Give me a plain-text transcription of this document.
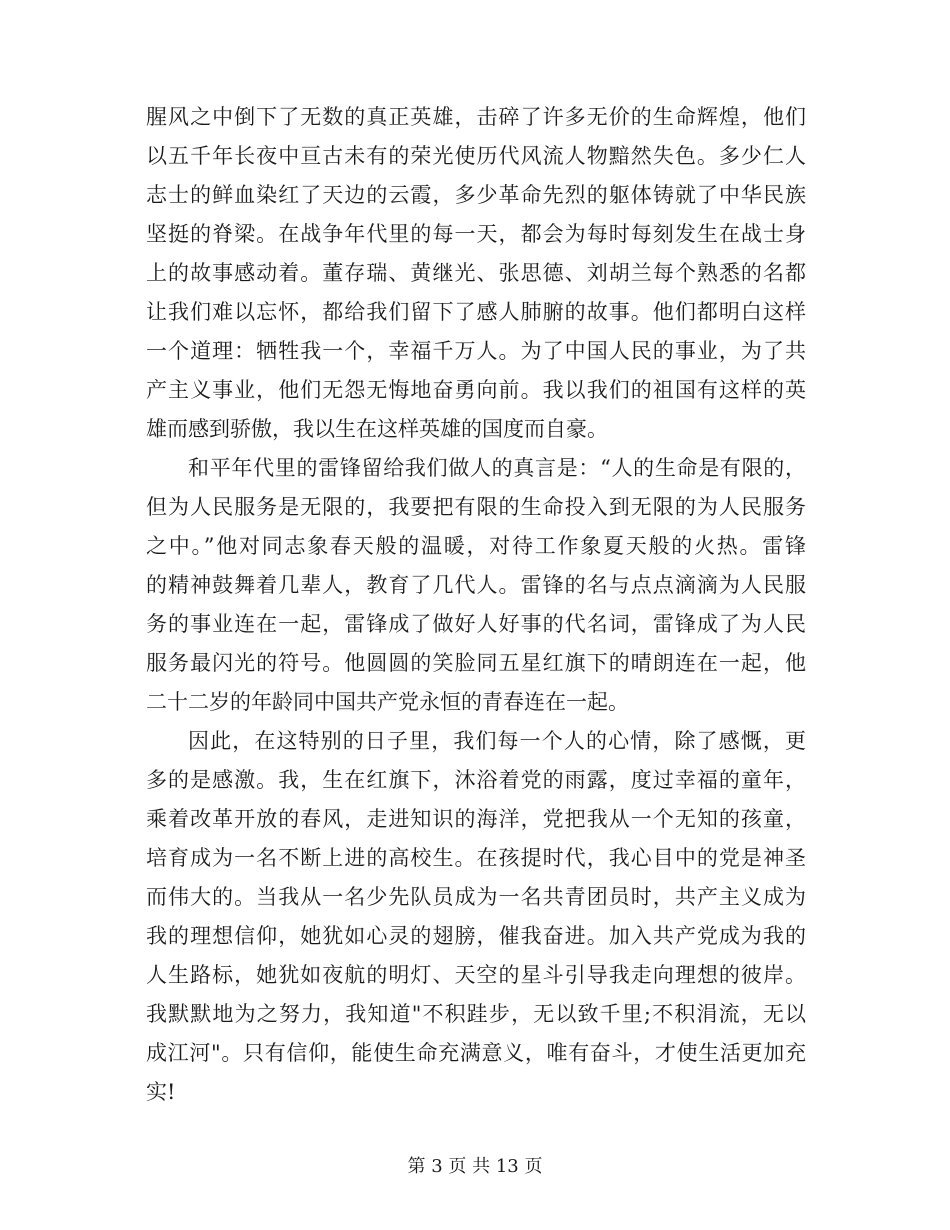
腥风之中倒下了无数的真正英雄，击碎了许多无价的生命辉煌，他们
以五千年长夜中亘古未有的荣光使历代风流人物黯然失色。多少仁人
志士的鲜血染红了天边的云霞，多少革命先烈的躯体铸就了中华民族
坚挺的脊梁。在战争年代里的每一天，都会为每时每刻发生在战士身
上的故事感动着。董存瑞、黄继光、张思德、刘胡兰每个熟悉的名都
让我们难以忘怀，都给我们留下了感人肺腑的故事。他们都明白这样
一个道理：牺牲我一个，幸福千万人。为了中国人民的事业，为了共
产主义事业，他们无怨无悔地奋勇向前。我以我们的祖国有这样的英
雄而感到骄傲，我以生在这样英雄的国度而自豪。
和平年代里的雷锋留给我们做人的真言是：“人的生命是有限的，
但为人民服务是无限的，我要把有限的生命投入到无限的为人民服务
之中。”他对同志象春天般的温暖，对待工作象夏天般的火热。雷锋
的精神鼓舞着几辈人，教育了几代人。雷锋的名与点点滴滴为人民服
务的事业连在一起，雷锋成了做好人好事的代名词，雷锋成了为人民
服务最闪光的符号。他圆圆的笑脸同五星红旗下的晴朗连在一起，他
二十二岁的年龄同中国共产党永恒的青春连在一起。
因此，在这特别的日子里，我们每一个人的心情，除了感慨，更
多的是感激。我，生在红旗下，沐浴着党的雨露，度过幸福的童年，
乘着改革开放的春风，走进知识的海洋，党把我从一个无知的孩童，
培育成为一名不断上进的高校生。在孩提时代，我心目中的党是神圣
而伟大的。当我从一名少先队员成为一名共青团员时，共产主义成为
我的理想信仰，她犹如心灵的翅膀，催我奋进。加入共产党成为我的
人生路标，她犹如夜航的明灯、天空的星斗引导我走向理想的彼岸。
我默默地为之努力，我知道"不积跬步，无以致千里;不积涓流，无以
成江河"。只有信仰，能使生命充满意义，唯有奋斗，才使生活更加充
实!
第 3 页 共 13 页
